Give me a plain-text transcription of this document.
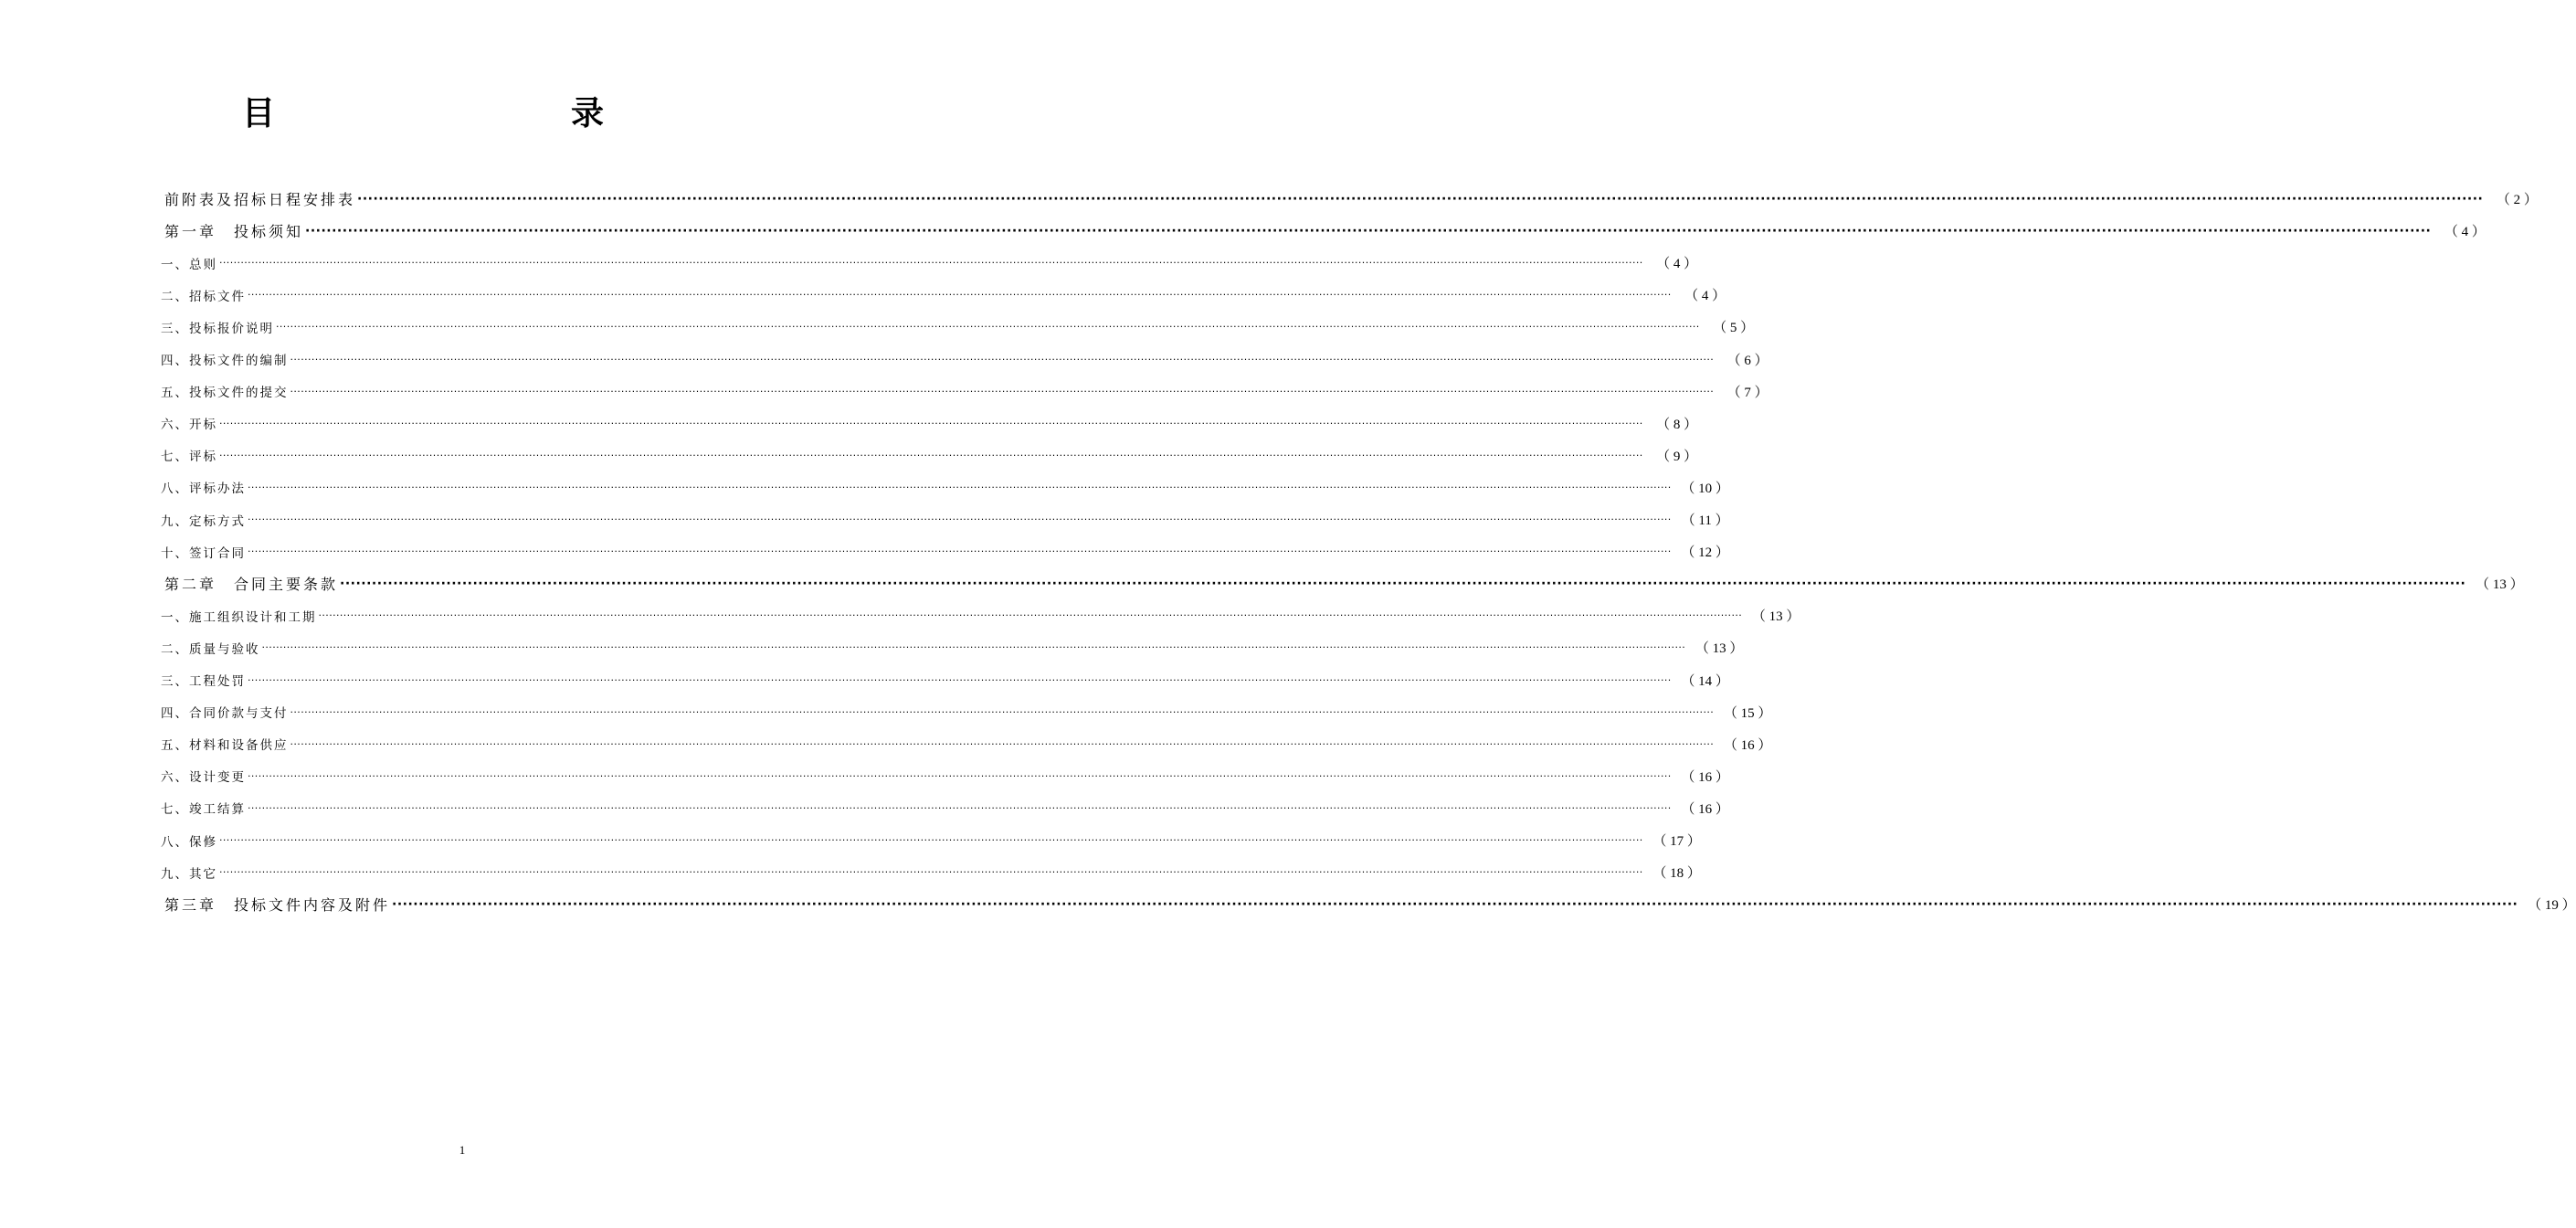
目　　录
前附表及招标日程安排表 ················································································································································································································································································································································································································ （ 2 ）
第一章　投标须知 ················································································································································································································································································································································································································ （ 4 ）
一、总则 ················································································································································································································································································································································································································ （ 4 ）
二、招标文件 ················································································································································································································································································································································································································ （ 4 ）
三、投标报价说明 ················································································································································································································································································································································································································ （ 5 ）
四、投标文件的编制 ················································································································································································································································································································································································································ （ 6 ）
五、投标文件的提交 ················································································································································································································································································································································································································ （ 7 ）
六、开标 ················································································································································································································································································································································································································ （ 8 ）
七、评标 ················································································································································································································································································································································································································ （ 9 ）
八、评标办法 ················································································································································································································································································································································································································ （ 10 ）
九、定标方式 ················································································································································································································································································································································································································ （ 11 ）
十、签订合同 ················································································································································································································································································································································································································ （ 12 ）
第二章　合同主要条款 ················································································································································································································································································································································································································ （ 13 ）
一、施工组织设计和工期 ················································································································································································································································································································································································································ （ 13 ）
二、质量与验收 ················································································································································································································································································································································································································ （ 13 ）
三、工程处罚 ················································································································································································································································································································································································································ （ 14 ）
四、合同价款与支付 ················································································································································································································································································································································································································ （ 15 ）
五、材料和设备供应 ················································································································································································································································································································································································································ （ 16 ）
六、设计变更 ················································································································································································································································································································································································································ （ 16 ）
七、竣工结算 ················································································································································································································································································································································································································ （ 16 ）
八、保修 ················································································································································································································································································································································································································ （ 17 ）
九、其它 ················································································································································································································································································································································································································ （ 18 ）
第三章　投标文件内容及附件 ················································································································································································································································································································································································································ （ 19 ）
1
